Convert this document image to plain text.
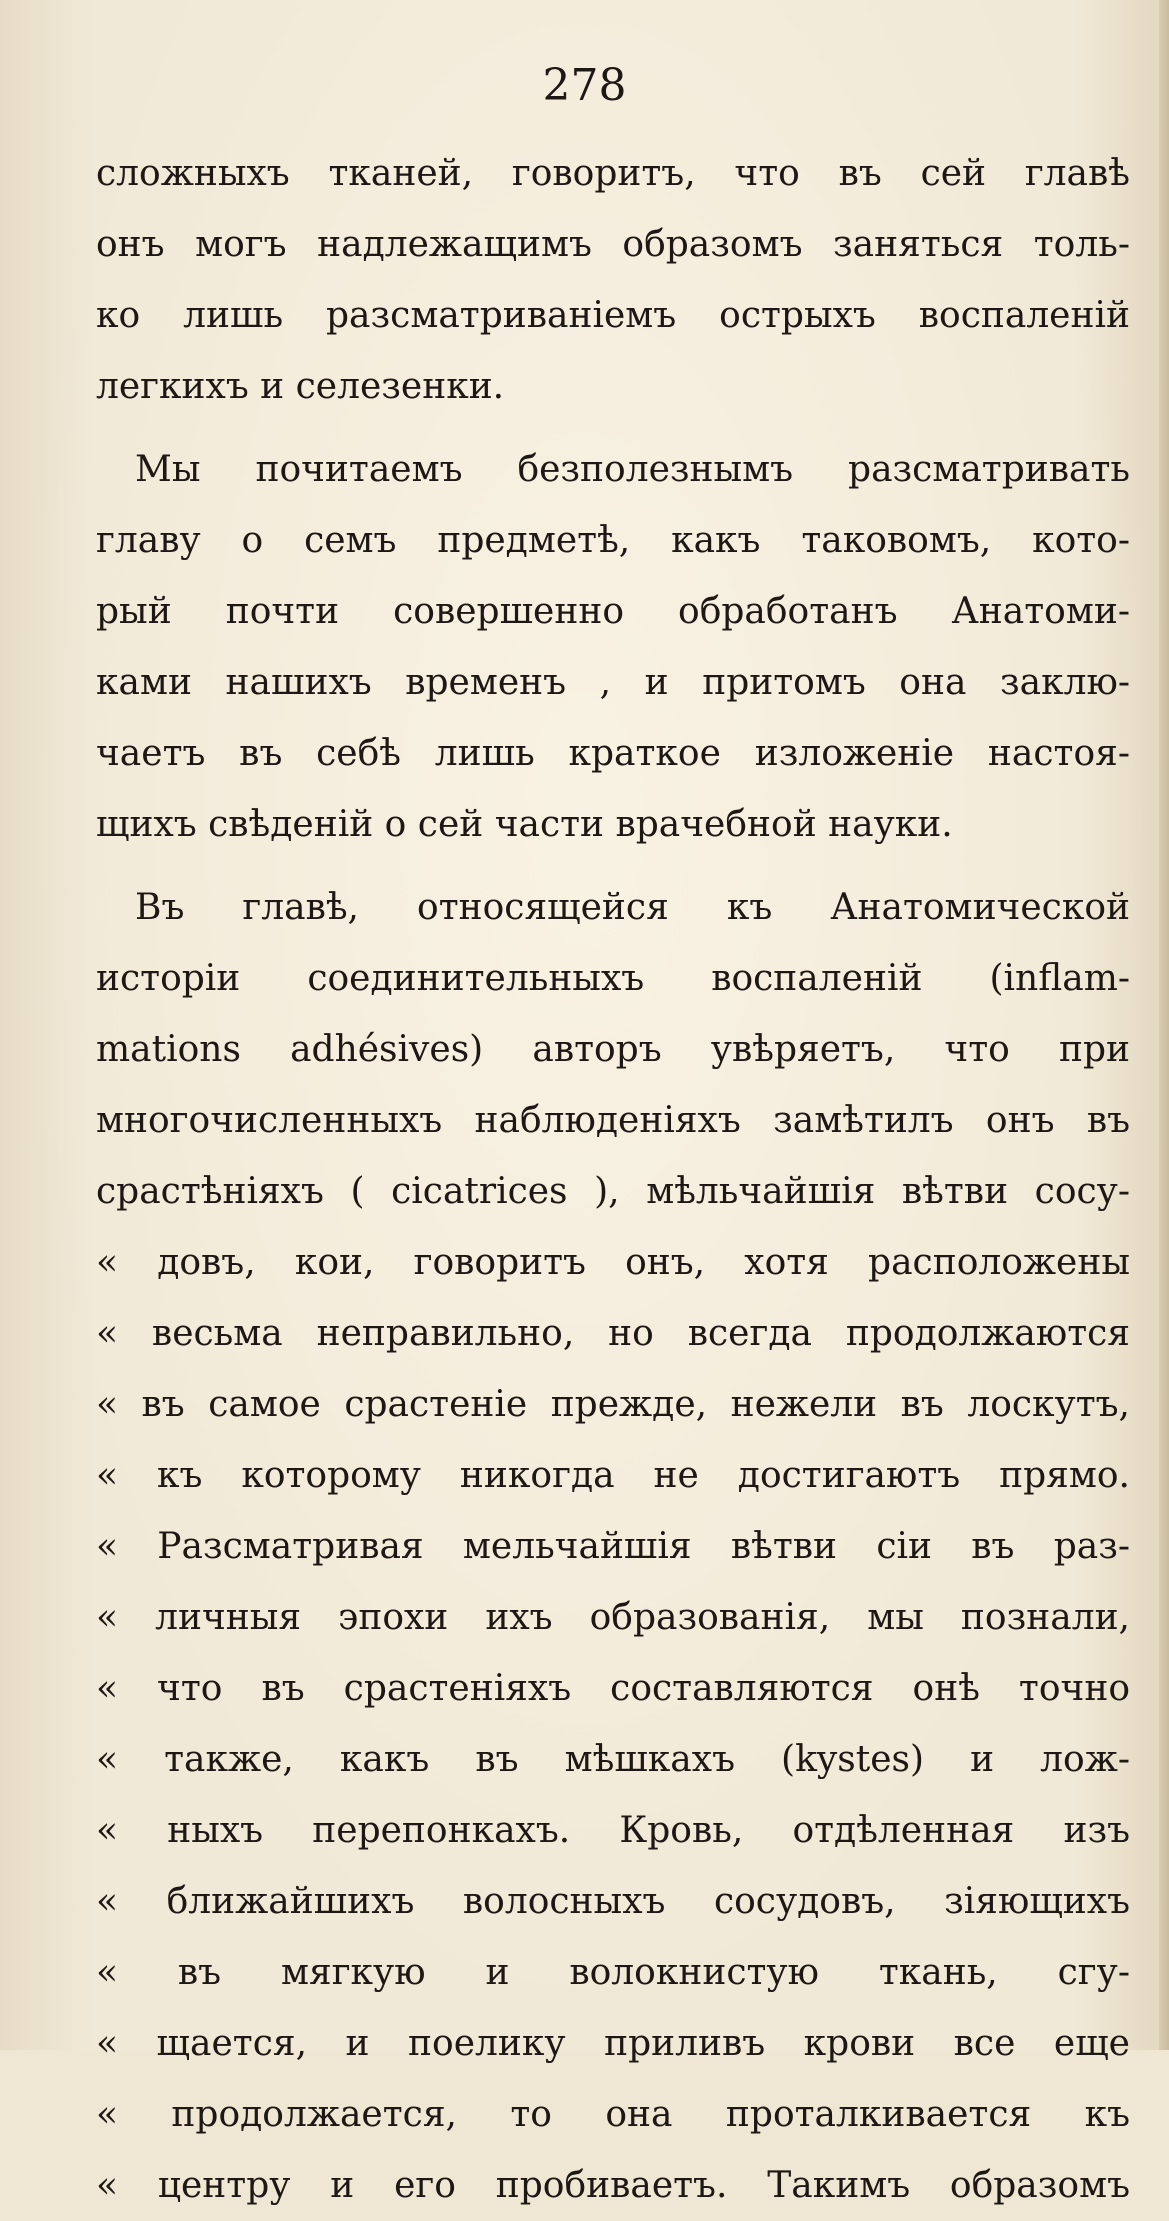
278
сложныхъ тканей, говоритъ, что въ сей главѣ
онъ могъ надлежащимъ образомъ заняться толь-
ко лишь разсматриванiемъ острыхъ воспаленiй
легкихъ и селезенки.
Мы почитаемъ безполезнымъ разсматривать
главу о семъ предметѣ, какъ таковомъ, кото-
рый почти совершенно обработанъ Анатоми-
ками нашихъ временъ , и притомъ она заклю-
чаетъ въ себѣ лишь краткое изложенiе настоя-
щихъ свѣденiй о сей части врачебной науки.
Въ главѣ, относящейся къ Анатомической
исторiи соединительныхъ воспаленiй (inflam-
mations adhésives) авторъ увѣряетъ, что при
многочисленныхъ наблюденiяхъ замѣтилъ онъ въ
срастѣнiяхъ ( cicatrices ), мѣльчайшiя вѣтви сосу-
« довъ, кои, говоритъ онъ, хотя расположены
« весьма неправильно, но всегда продолжаются
« въ самое срастенiе прежде, нежели въ лоскутъ,
« къ которому никогда не достигаютъ прямо.
« Разсматривая мельчайшiя вѣтви сiи въ раз-
« личныя эпохи ихъ образованiя, мы познали,
« что въ срастенiяхъ составляются онѣ точно
« также, какъ въ мѣшкахъ (kystes) и лож-
« ныхъ перепонкахъ. Кровь, отдѣленная изъ
« ближайшихъ волосныхъ сосудовъ, зiяющихъ
« въ мягкую и волокнистую ткань, сгу-
« щается, и поелику приливъ крови все еще
« продолжается, то она проталкивается къ
« центру и его пробиваетъ. Такимъ образомъ
